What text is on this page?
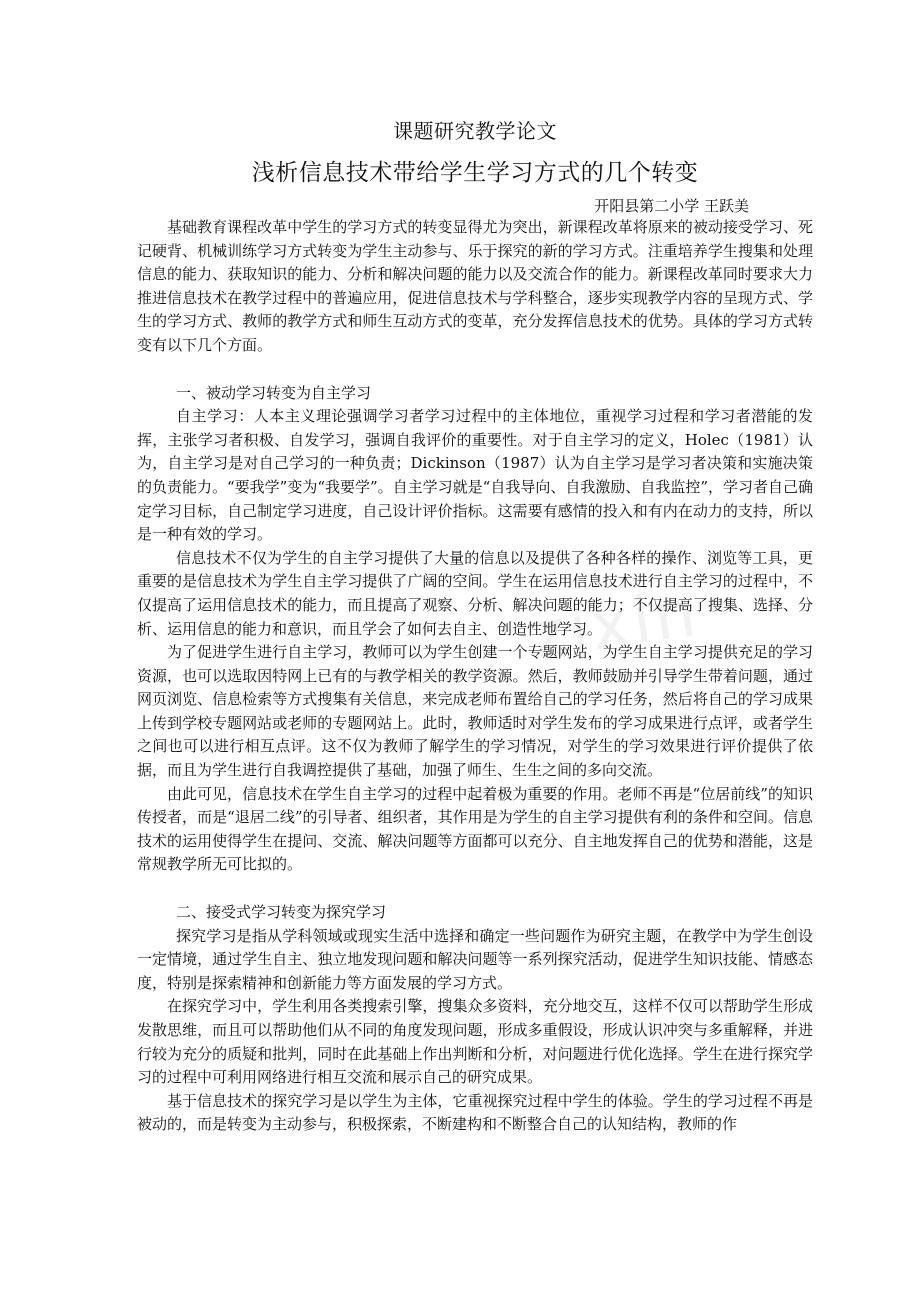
zixin
课题研究教学论文
浅析信息技术带给学生学习方式的几个转变
开阳县第二小学 王跃美

基础教育课程改革中学生的学习方式的转变显得尤为突出，新课程改革将原来的被动接受学习、死记硬背、机械训练学习方式转变为学生主动参与、乐于探究的新的学习方式。注重培养学生搜集和处理信息的能力、获取知识的能力、分析和解决问题的能力以及交流合作的能力。新课程改革同时要求大力推进信息技术在教学过程中的普遍应用，促进信息技术与学科整合，逐步实现教学内容的呈现方式、学生的学习方式、教师的教学方式和师生互动方式的变革，充分发挥信息技术的优势。具体的学习方式转变有以下几个方面。

一、被动学习转变为自主学习

自主学习：人本主义理论强调学习者学习过程中的主体地位，重视学习过程和学习者潜能的发挥，主张学习者积极、自发学习，强调自我评价的重要性。对于自主学习的定义，Holec（1981）认为，自主学习是对自己学习的一种负责；Dickinson（1987）认为自主学习是学习者决策和实施决策的负责能力。“要我学”变为“我要学”。自主学习就是“自我导向、自我激励、自我监控”，学习者自己确定学习目标，自己制定学习进度，自己设计评价指标。这需要有感情的投入和有内在动力的支持，所以是一种有效的学习。

信息技术不仅为学生的自主学习提供了大量的信息以及提供了各种各样的操作、浏览等工具，更重要的是信息技术为学生自主学习提供了广阔的空间。学生在运用信息技术进行自主学习的过程中，不仅提高了运用信息技术的能力，而且提高了观察、分析、解决问题的能力；不仅提高了搜集、选择、分析、运用信息的能力和意识，而且学会了如何去自主、创造性地学习。

为了促进学生进行自主学习，教师可以为学生创建一个专题网站，为学生自主学习提供充足的学习资源，也可以选取因特网上已有的与教学相关的教学资源。然后，教师鼓励并引导学生带着问题，通过网页浏览、信息检索等方式搜集有关信息，来完成老师布置给自己的学习任务，然后将自己的学习成果上传到学校专题网站或老师的专题网站上。此时，教师适时对学生发布的学习成果进行点评，或者学生之间也可以进行相互点评。这不仅为教师了解学生的学习情况，对学生的学习效果进行评价提供了依据，而且为学生进行自我调控提供了基础，加强了师生、生生之间的多向交流。

由此可见，信息技术在学生自主学习的过程中起着极为重要的作用。老师不再是“位居前线”的知识传授者，而是“退居二线”的引导者、组织者，其作用是为学生的自主学习提供有利的条件和空间。信息技术的运用使得学生在提问、交流、解决问题等方面都可以充分、自主地发挥自己的优势和潜能，这是常规教学所无可比拟的。

二、接受式学习转变为探究学习

探究学习是指从学科领域或现实生活中选择和确定一些问题作为研究主题，在教学中为学生创设一定情境，通过学生自主、独立地发现问题和解决问题等一系列探究活动，促进学生知识技能、情感态度，特别是探索精神和创新能力等方面发展的学习方式。

在探究学习中，学生利用各类搜索引擎，搜集众多资料，充分地交互，这样不仅可以帮助学生形成发散思维，而且可以帮助他们从不同的角度发现问题，形成多重假设，形成认识冲突与多重解释，并进行较为充分的质疑和批判，同时在此基础上作出判断和分析，对问题进行优化选择。学生在进行探究学习的过程中可利用网络进行相互交流和展示自己的研究成果。

基于信息技术的探究学习是以学生为主体，它重视探究过程中学生的体验。学生的学习过程不再是被动的，而是转变为主动参与，积极探索，不断建构和不断整合自己的认知结构，教师的作
